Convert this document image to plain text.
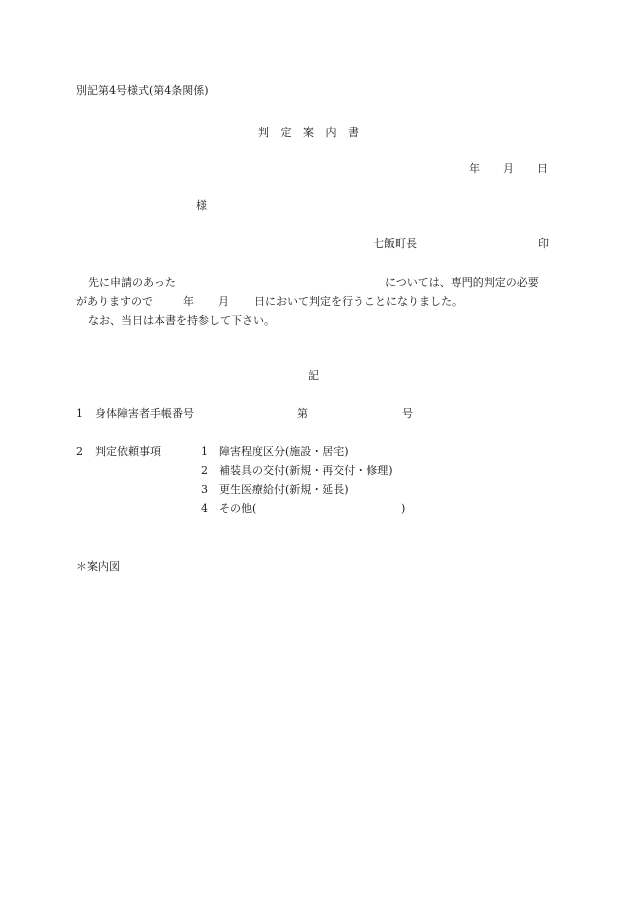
別記第4号様式(第4条関係)
判 定 案 内 書
年 月 日
様
七飯町長	印
先に申請のあった	については、専門的判定の必要
がありますので	年 月 日において判定を行うことになりました。
なお、当日は本書を持参して下さい。
記
1 身体障害者手帳番号	第	号
2 判定依頼事項	1 障害程度区分(施設・居宅)
2 補装具の交付(新規・再交付・修理)
3 更生医療給付(新規・延長)
4 その他(	)
＊案内図
